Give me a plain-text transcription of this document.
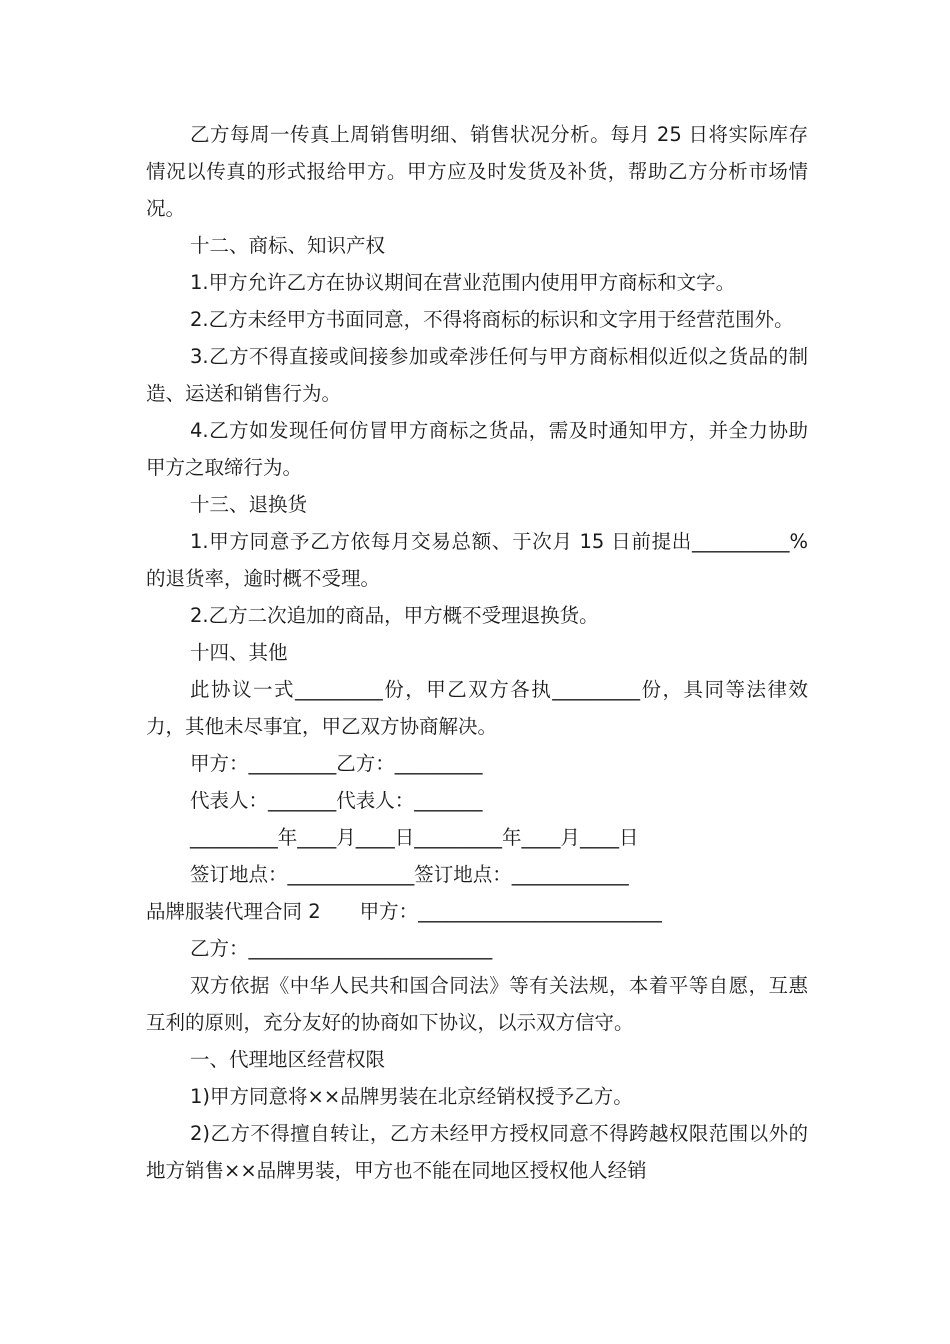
乙方每周一传真上周销售明细、销售状况分析。每月 25 日将实际库存情况以传真的形式报给甲方。甲方应及时发货及补货，帮助乙方分析市场情况。

十二、商标、知识产权

1.甲方允许乙方在协议期间在营业范围内使用甲方商标和文字。

2.乙方未经甲方书面同意，不得将商标的标识和文字用于经营范围外。

3.乙方不得直接或间接参加或牵涉任何与甲方商标相似近似之货品的制造、运送和销售行为。

4.乙方如发现任何仿冒甲方商标之货品，需及时通知甲方，并全力协助甲方之取缔行为。

十三、退换货

1.甲方同意予乙方依每月交易总额、于次月 15 日前提出__________%的退货率，逾时概不受理。

2.乙方二次追加的商品，甲方概不受理退换货。

十四、其他

此协议一式_________份，甲乙双方各执_________份，具同等法律效力，其他未尽事宜，甲乙双方协商解决。

甲方：_________乙方：_________

代表人：_______代表人：_______

_________年____月____日_________年____月____日

签订地点：_____________签订地点：____________

品牌服装代理合同 2　　甲方：_________________________

乙方：_________________________

双方依据《中华人民共和国合同法》等有关法规，本着平等自愿，互惠互利的原则，充分友好的协商如下协议，以示双方信守。

一、代理地区经营权限

1)甲方同意将××品牌男装在北京经销权授予乙方。

2)乙方不得擅自转让，乙方未经甲方授权同意不得跨越权限范围以外的地方销售××品牌男装，甲方也不能在同地区授权他人经销
